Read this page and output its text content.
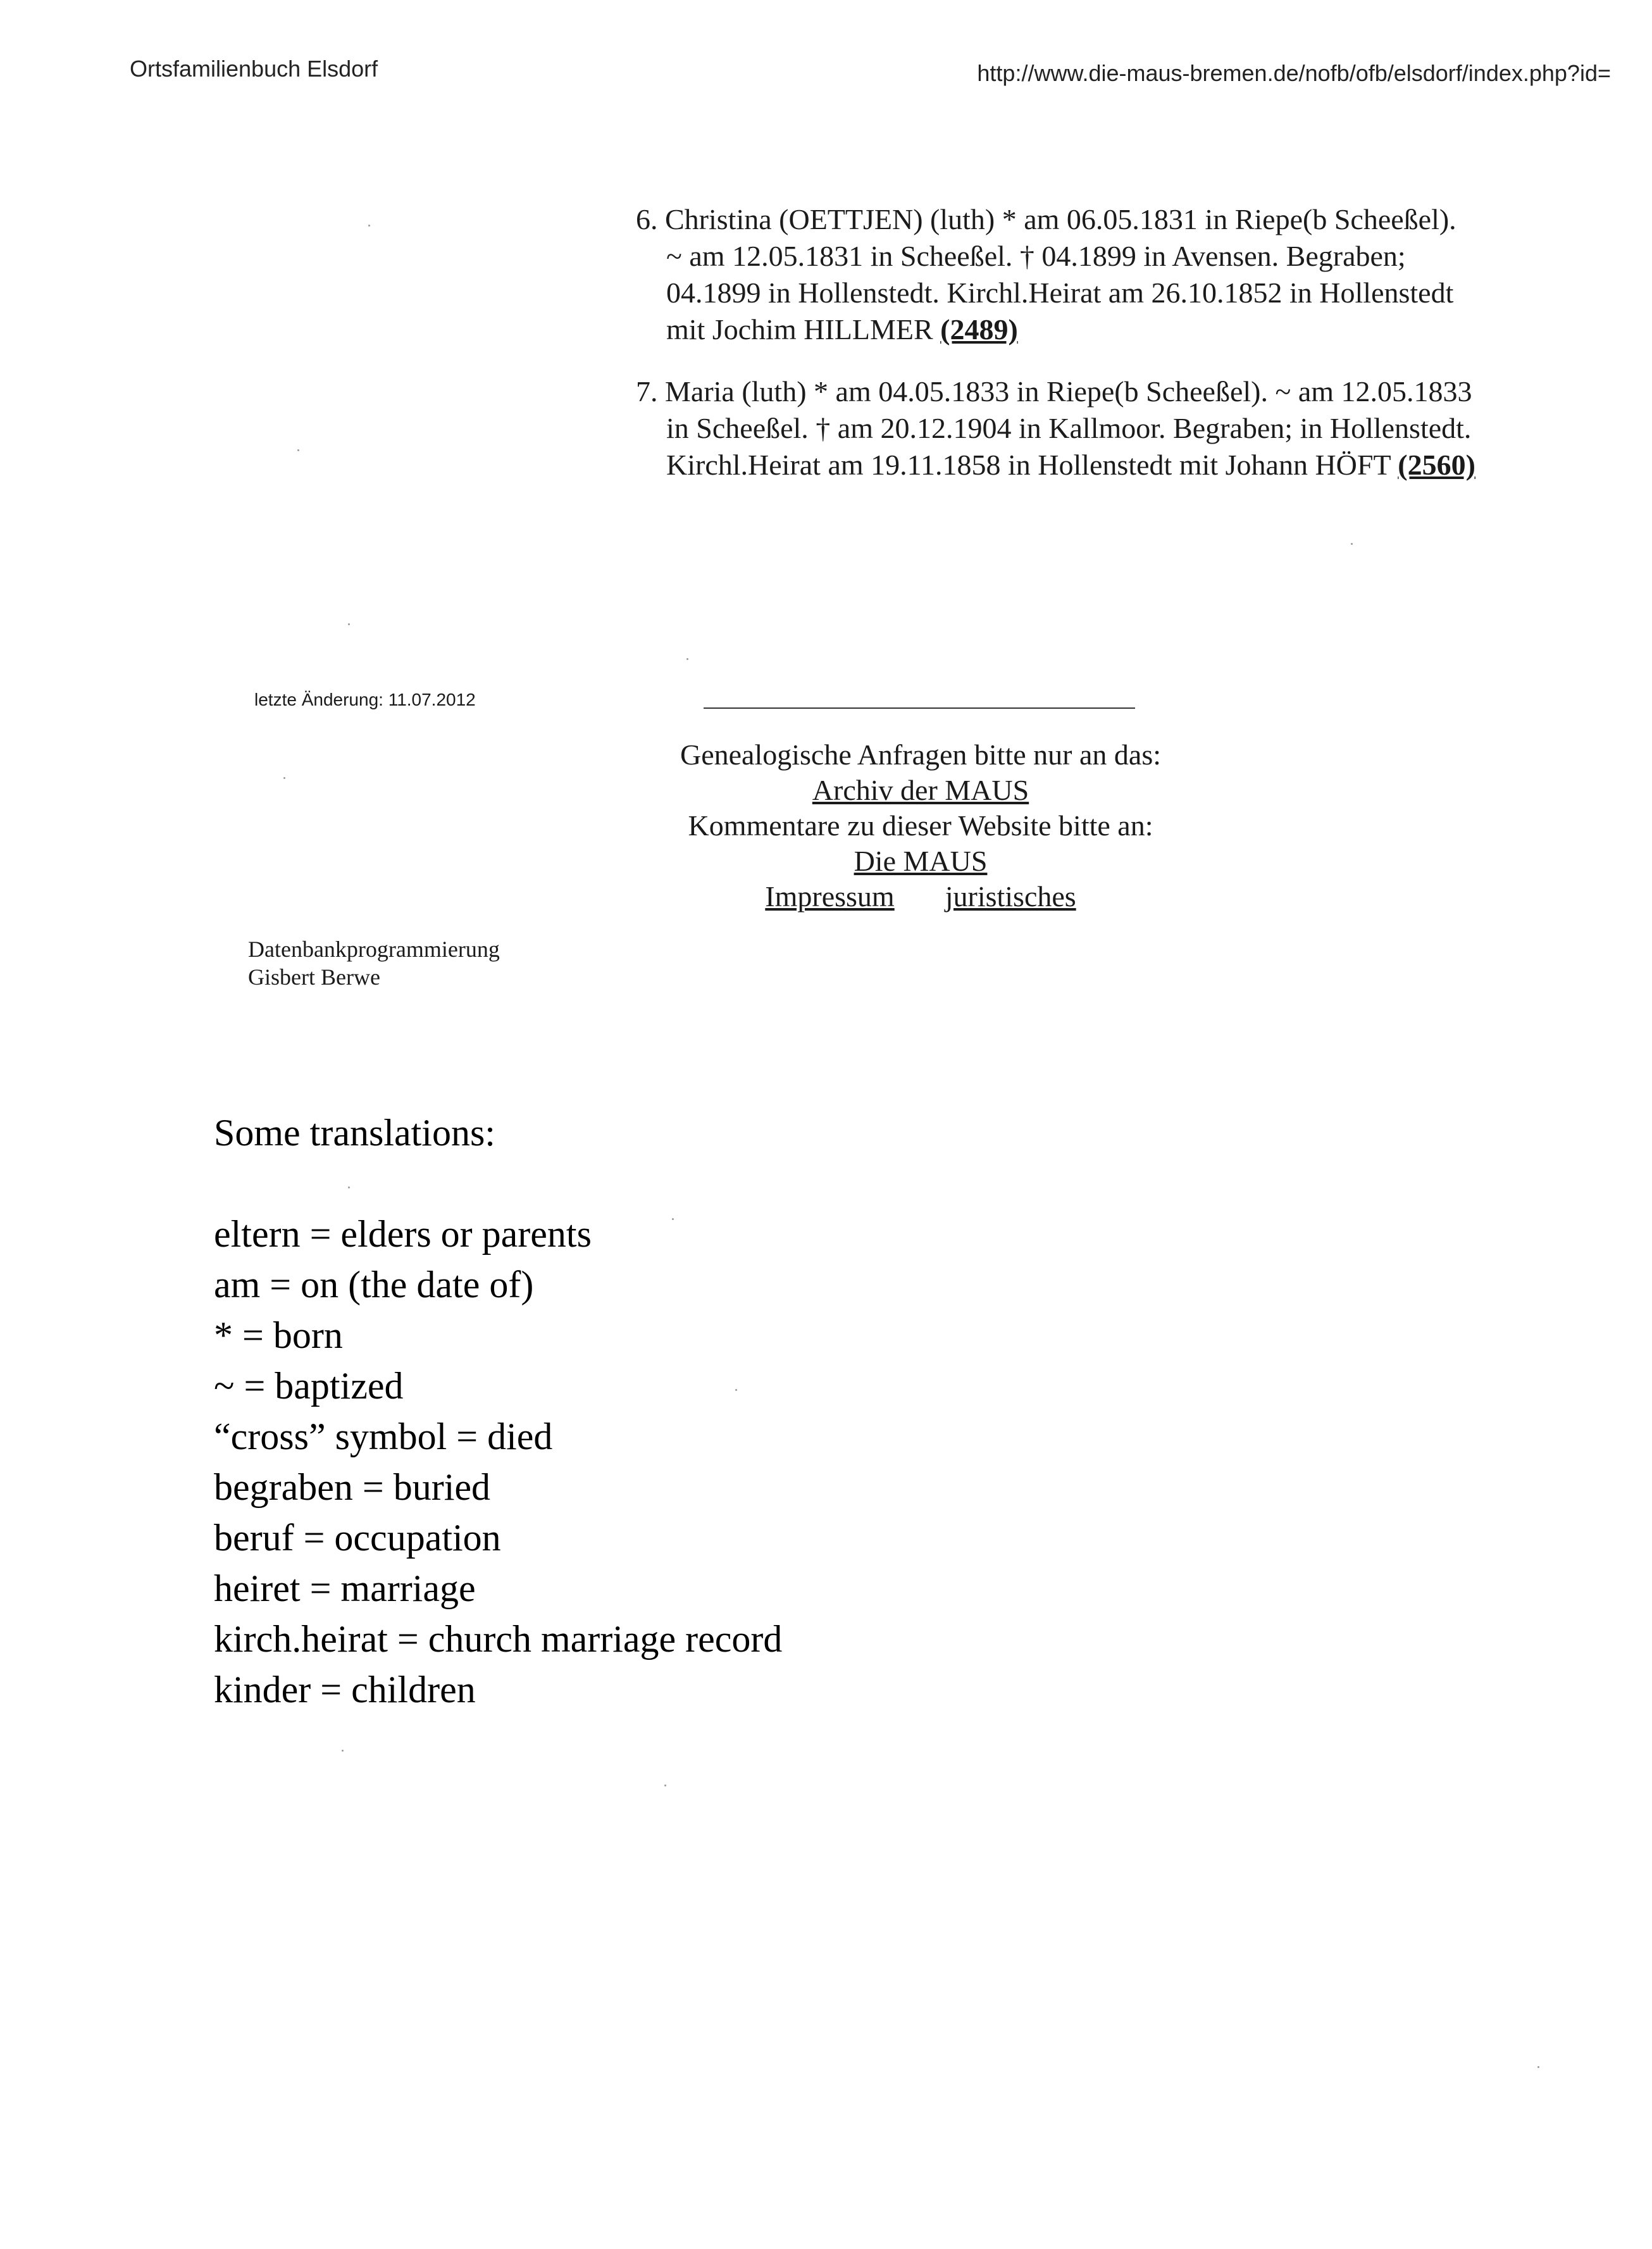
Ortsfamilienbuch Elsdorf	http://www.die-maus-bremen.de/nofb/ofb/elsdorf/index.php?id=
6. Christina (OETTJEN) (luth) * am 06.05.1831 in Riepe(b Scheeßel).
~ am 12.05.1831 in Scheeßel. † 04.1899 in Avensen. Begraben;
04.1899 in Hollenstedt. Kirchl.Heirat am 26.10.1852 in Hollenstedt
mit Jochim HILLMER (2489)
7. Maria (luth) * am 04.05.1833 in Riepe(b Scheeßel). ~ am 12.05.1833
in Scheeßel. † am 20.12.1904 in Kallmoor. Begraben; in Hollenstedt.
Kirchl.Heirat am 19.11.1858 in Hollenstedt mit Johann HÖFT (2560)
letzte Änderung: 11.07.2012
Genealogische Anfragen bitte nur an das:
Archiv der MAUS
Kommentare zu dieser Website bitte an:
Die MAUS
Impressum juristisches
Datenbankprogrammierung
Gisbert Berwe
Some translations:
eltern = elders or parents
am = on (the date of)
* = born
~ = baptized
“cross” symbol = died
begraben = buried
beruf = occupation
heiret = marriage
kirch.heirat = church marriage record
kinder = children
